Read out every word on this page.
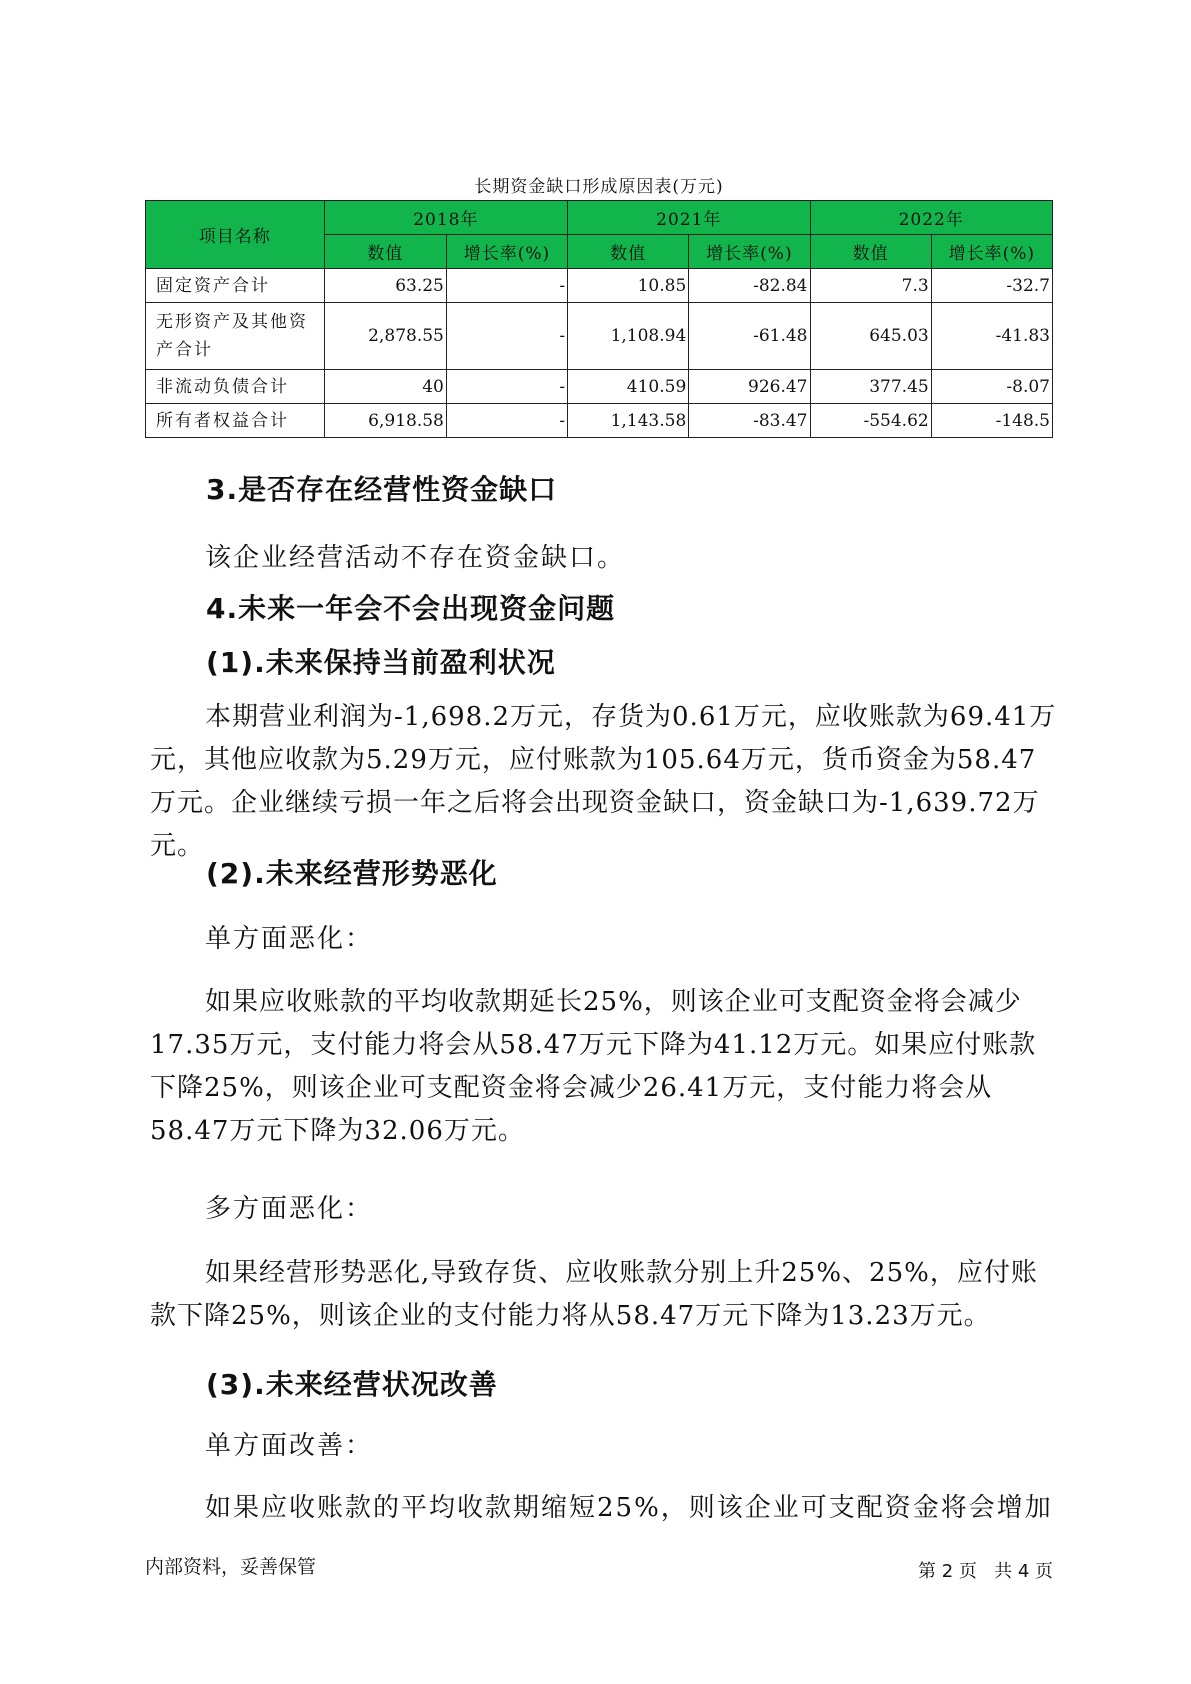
长期资金缺口形成原因表(万元)
项目名称	2018年		2021年		2022年	
	数值	增长率(%)	数值	增长率(%)	数值	增长率(%)
固定资产合计	63.25	-	10.85	-82.84	7.3	-32.7
无形资产及其他资产合计	2,878.55	-	1,108.94	-61.48	645.03	-41.83
非流动负债合计	40	-	410.59	926.47	377.45	-8.07
所有者权益合计	6,918.58	-	1,143.58	-83.47	-554.62	-148.5
3.是否存在经营性资金缺口
该企业经营活动不存在资金缺口。
4.未来一年会不会出现资金问题
(1).未来保持当前盈利状况
本期营业利润为-1,698.2万元，存货为0.61万元，应收账款为69.41万元，其他应收款为5.29万元，应付账款为105.64万元，货币资金为58.47万元。企业继续亏损一年之后将会出现资金缺口，资金缺口为-1,639.72万元。
(2).未来经营形势恶化
单方面恶化：
如果应收账款的平均收款期延长25%，则该企业可支配资金将会减少17.35万元，支付能力将会从58.47万元下降为41.12万元。如果应付账款下降25%，则该企业可支配资金将会减少26.41万元，支付能力将会从58.47万元下降为32.06万元。
多方面恶化：
如果经营形势恶化,导致存货、应收账款分别上升25%、25%，应付账款下降25%，则该企业的支付能力将从58.47万元下降为13.23万元。
(3).未来经营状况改善
单方面改善：
如果应收账款的平均收款期缩短25%，则该企业可支配资金将会增加
内部资料，妥善保管	第 2 页   共 4 页
